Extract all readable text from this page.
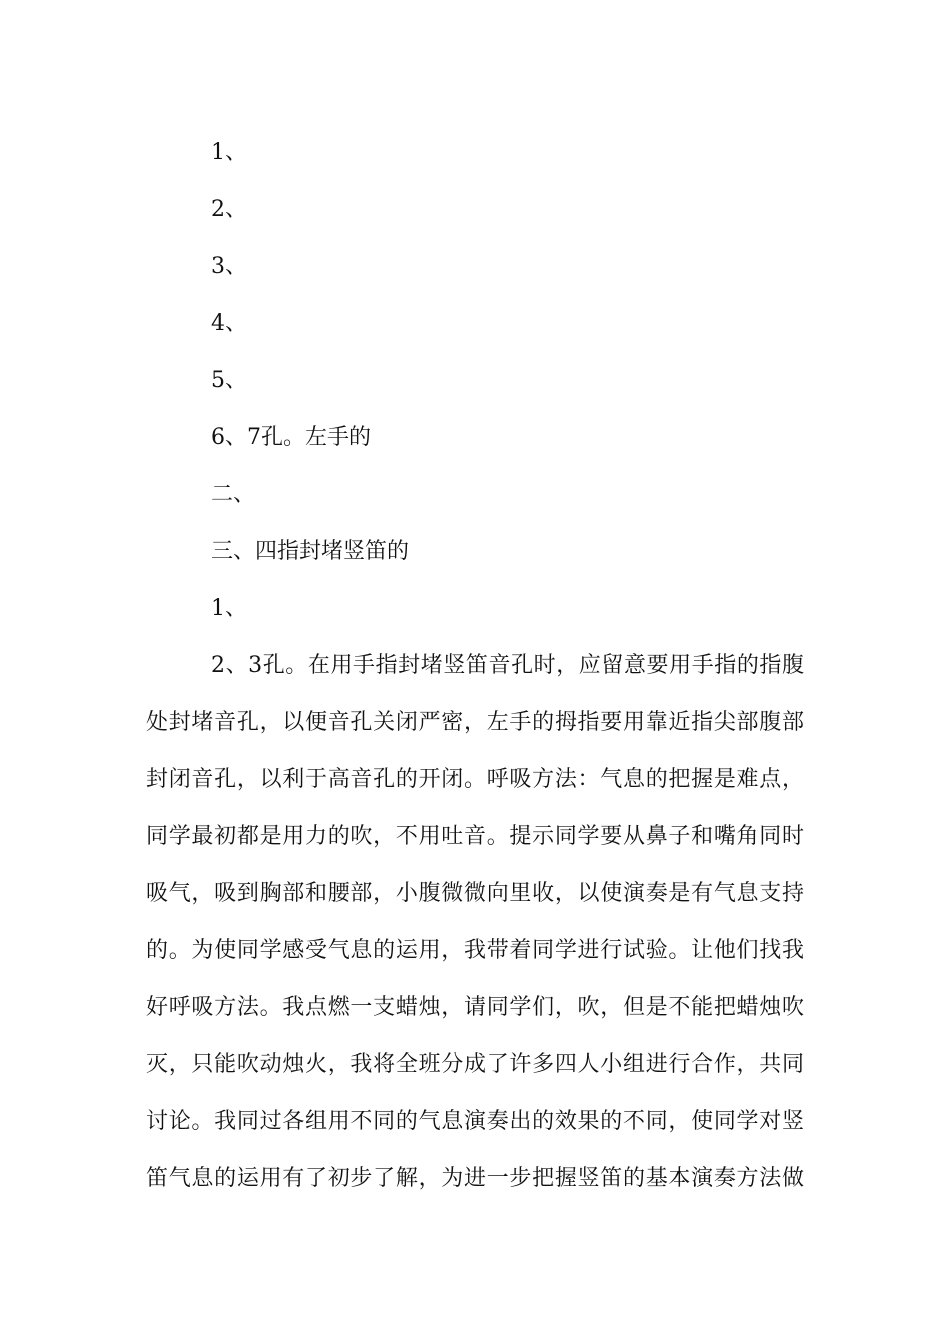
1、
2、
3、
4、
5、
6、7孔。左手的
二、
三、四指封堵竖笛的
1、
2、3孔。在用手指封堵竖笛音孔时，应留意要用手指的指腹
处封堵音孔，以便音孔关闭严密，左手的拇指要用靠近指尖部腹部
封闭音孔，以利于高音孔的开闭。呼吸方法：气息的把握是难点，
同学最初都是用力的吹，不用吐音。提示同学要从鼻子和嘴角同时
吸气，吸到胸部和腰部，小腹微微向里收，以使演奏是有气息支持
的。为使同学感受气息的运用，我带着同学进行试验。让他们找我
好呼吸方法。我点燃一支蜡烛，请同学们，吹，但是不能把蜡烛吹
灭，只能吹动烛火，我将全班分成了许多四人小组进行合作，共同
讨论。我同过各组用不同的气息演奏出的效果的不同，使同学对竖
笛气息的运用有了初步了解，为进一步把握竖笛的基本演奏方法做
